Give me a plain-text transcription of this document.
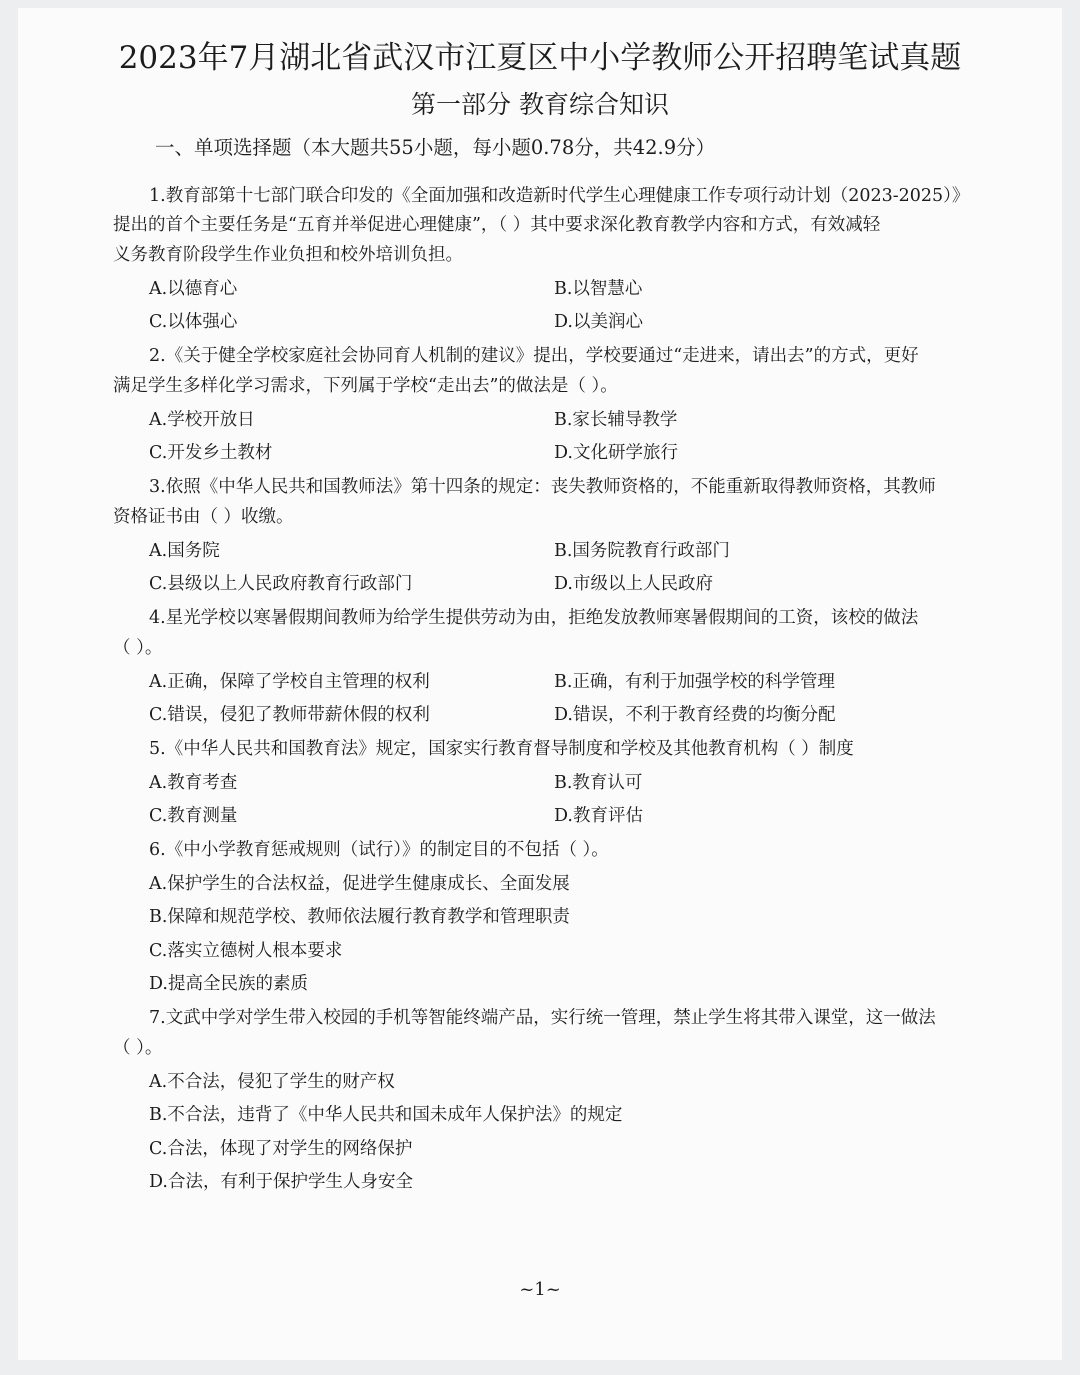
2023年7月湖北省武汉市江夏区中小学教师公开招聘笔试真题
第一部分 教育综合知识
一、单项选择题（本大题共55小题，每小题0.78分，共42.9分）
1.教育部第十七部门联合印发的《全面加强和改造新时代学生心理健康工作专项行动计划（2023-2025）》
提出的首个主要任务是“五育并举促进心理健康”，（ ）其中要求深化教育教学内容和方式，有效减轻
义务教育阶段学生作业负担和校外培训负担。
A.以德育心	B.以智慧心
C.以体强心	D.以美润心
2.《关于健全学校家庭社会协同育人机制的建议》提出，学校要通过“走进来，请出去”的方式，更好
满足学生多样化学习需求，下列属于学校“走出去”的做法是（ ）。
A.学校开放日	B.家长辅导教学
C.开发乡土教材	D.文化研学旅行
3.依照《中华人民共和国教师法》第十四条的规定：丧失教师资格的，不能重新取得教师资格，其教师
资格证书由（ ）收缴。
A.国务院	B.国务院教育行政部门
C.县级以上人民政府教育行政部门	D.市级以上人民政府
4.星光学校以寒暑假期间教师为给学生提供劳动为由，拒绝发放教师寒暑假期间的工资，该校的做法
（ ）。
A.正确，保障了学校自主管理的权利	B.正确，有利于加强学校的科学管理
C.错误，侵犯了教师带薪休假的权利	D.错误，不利于教育经费的均衡分配
5.《中华人民共和国教育法》规定，国家实行教育督导制度和学校及其他教育机构（ ）制度
A.教育考查	B.教育认可
C.教育测量	D.教育评估
6.《中小学教育惩戒规则（试行）》的制定目的不包括（ ）。
A.保护学生的合法权益，促进学生健康成长、全面发展
B.保障和规范学校、教师依法履行教育教学和管理职责
C.落实立德树人根本要求
D.提高全民族的素质
7.文武中学对学生带入校园的手机等智能终端产品，实行统一管理，禁止学生将其带入课堂，这一做法
（ ）。
A.不合法，侵犯了学生的财产权
B.不合法，违背了《中华人民共和国未成年人保护法》的规定
C.合法，体现了对学生的网络保护
D.合法，有利于保护学生人身安全
~1~
